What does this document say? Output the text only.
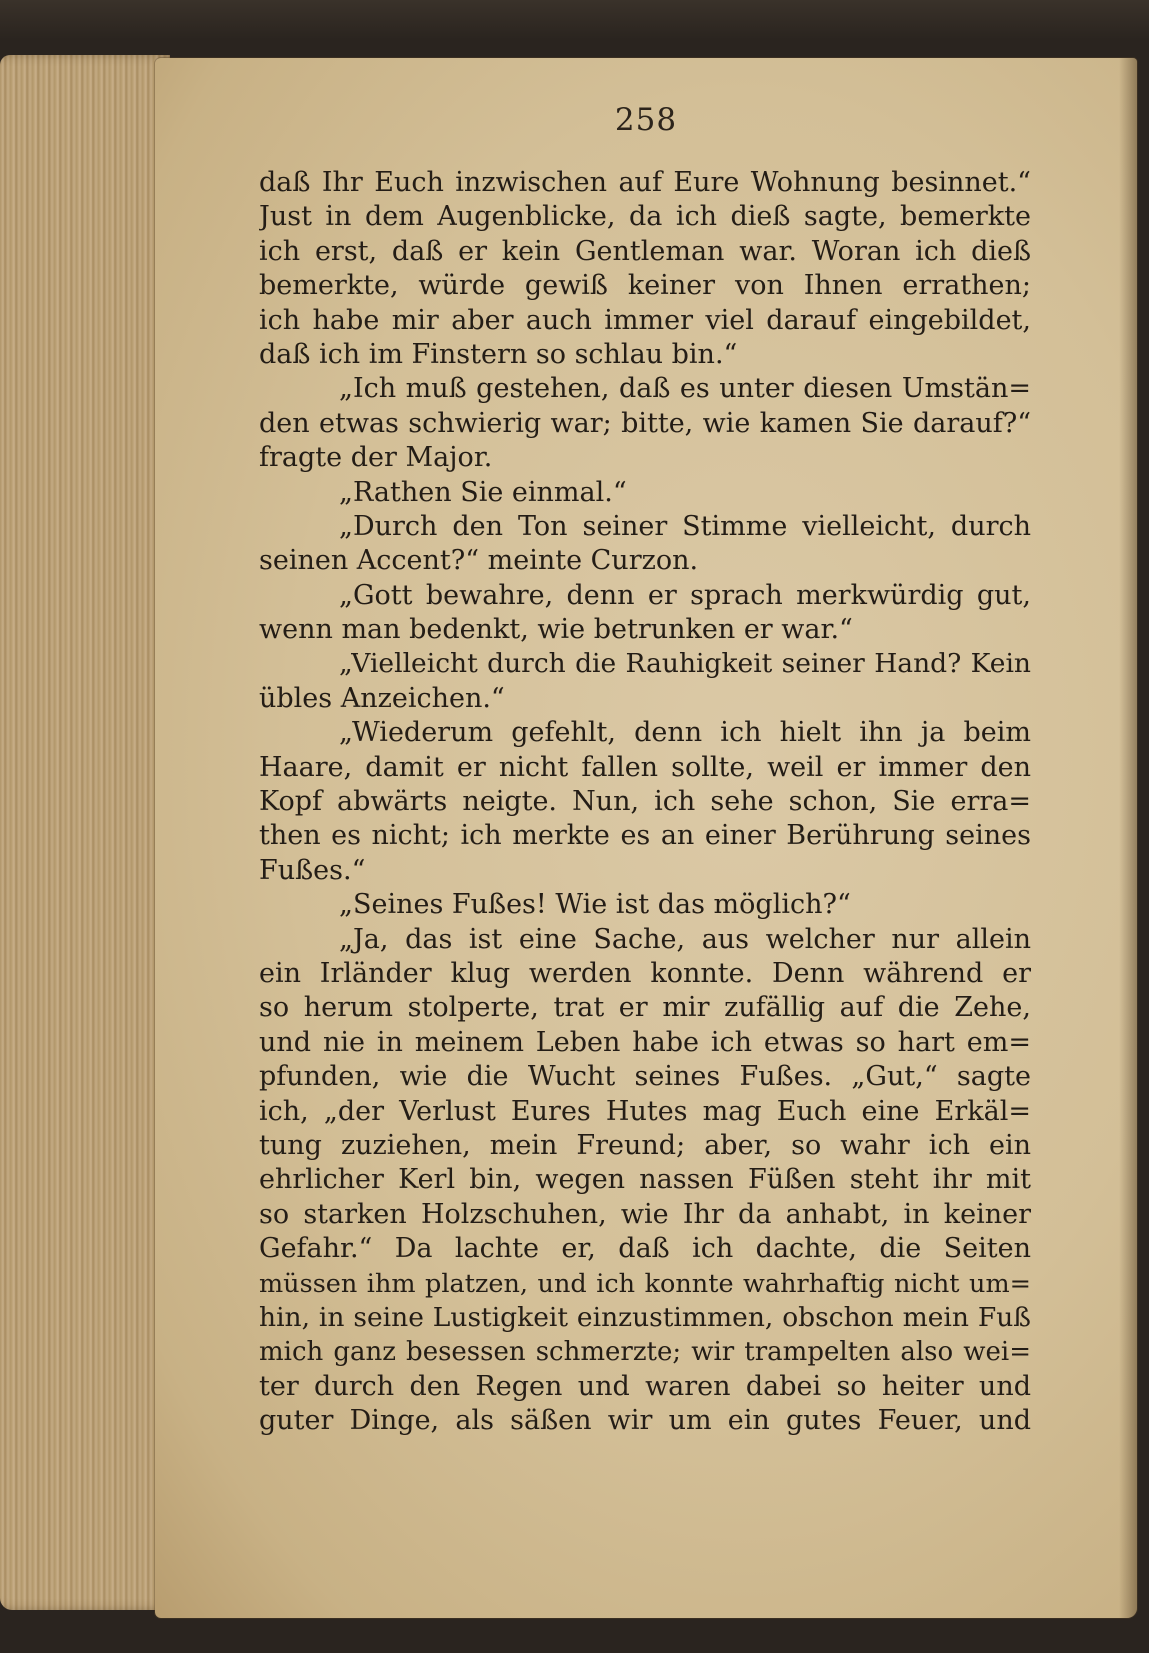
258
daß Ihr Euch inzwischen auf Eure Wohnung besinnet.“
Just in dem Augenblicke, da ich dieß sagte, bemerkte
ich erst, daß er kein Gentleman war. Woran ich dieß
bemerkte, würde gewiß keiner von Ihnen errathen;
ich habe mir aber auch immer viel darauf eingebildet,
daß ich im Finstern so schlau bin.“
„Ich muß gestehen, daß es unter diesen Umstän=
den etwas schwierig war; bitte, wie kamen Sie darauf?“
fragte der Major.
„Rathen Sie einmal.“
„Durch den Ton seiner Stimme vielleicht, durch
seinen Accent?“ meinte Curzon.
„Gott bewahre, denn er sprach merkwürdig gut,
wenn man bedenkt, wie betrunken er war.“
„Vielleicht durch die Rauhigkeit seiner Hand? Kein
übles Anzeichen.“
„Wiederum gefehlt, denn ich hielt ihn ja beim
Haare, damit er nicht fallen sollte, weil er immer den
Kopf abwärts neigte. Nun, ich sehe schon, Sie erra=
then es nicht; ich merkte es an einer Berührung seines
Fußes.“
„Seines Fußes! Wie ist das möglich?“
„Ja, das ist eine Sache, aus welcher nur allein
ein Irländer klug werden konnte. Denn während er
so herum stolperte, trat er mir zufällig auf die Zehe,
und nie in meinem Leben habe ich etwas so hart em=
pfunden, wie die Wucht seines Fußes. „Gut,“ sagte
ich, „der Verlust Eures Hutes mag Euch eine Erkäl=
tung zuziehen, mein Freund; aber, so wahr ich ein
ehrlicher Kerl bin, wegen nassen Füßen steht ihr mit
so starken Holzschuhen, wie Ihr da anhabt, in keiner
Gefahr.“ Da lachte er, daß ich dachte, die Seiten
müssen ihm platzen, und ich konnte wahrhaftig nicht um=
hin, in seine Lustigkeit einzustimmen, obschon mein Fuß
mich ganz besessen schmerzte; wir trampelten also wei=
ter durch den Regen und waren dabei so heiter und
guter Dinge, als säßen wir um ein gutes Feuer, und
